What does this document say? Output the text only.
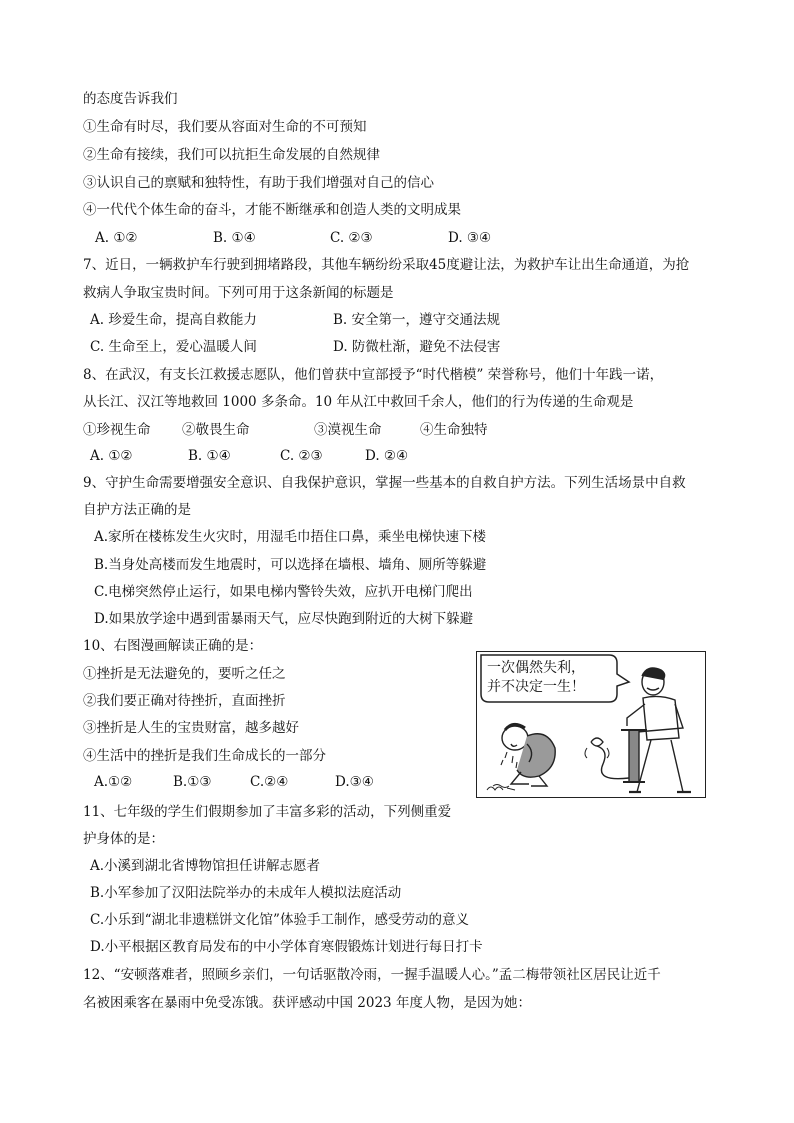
的态度告诉我们
①生命有时尽，我们要从容面对生命的不可预知
②生命有接续，我们可以抗拒生命发展的自然规律
③认识自己的禀赋和独特性，有助于我们增强对自己的信心
④一代代个体生命的奋斗，才能不断继承和创造人类的文明成果
A. ①②	B. ①④	C. ②③	D. ③④
7、近日，一辆救护车行驶到拥堵路段，其他车辆纷纷采取45度避让法，为救护车让出生命通道，为抢
救病人争取宝贵时间。下列可用于这条新闻的标题是
A. 珍爱生命，提高自救能力	B. 安全第一，遵守交通法规
C. 生命至上，爱心温暖人间	D. 防微杜渐，避免不法侵害
8、在武汉，有支长江救援志愿队，他们曾获中宣部授予“时代楷模” 荣誉称号，他们十年践一诺，
从长江、汉江等地救回 1000 多条命。10 年从江中救回千余人，他们的行为传递的生命观是
①珍视生命 ②敬畏生命	③漠视生命	④生命独特
A. ①②	B. ①④	C. ②③	D. ②④
9、守护生命需要增强安全意识、自我保护意识，掌握一些基本的自救自护方法。下列生活场景中自救
自护方法正确的是
A.家所在楼栋发生火灾时，用湿毛巾捂住口鼻，乘坐电梯快速下楼
B.当身处高楼而发生地震时，可以选择在墙根、墙角、厕所等躲避
C.电梯突然停止运行，如果电梯内警铃失效，应扒开电梯门爬出
D.如果放学途中遇到雷暴雨天气，应尽快跑到附近的大树下躲避
10、右图漫画解读正确的是：
①挫折是无法避免的，要听之任之
②我们要正确对待挫折，直面挫折
③挫折是人生的宝贵财富，越多越好
④生活中的挫折是我们生命成长的一部分
A.①②	B.①③	C.②④	D.③④
一次偶然失利，
并不决定一生！
11、七年级的学生们假期参加了丰富多彩的活动，下列侧重爱
护身体的是：
A.小溪到湖北省博物馆担任讲解志愿者
B.小军参加了汉阳法院举办的未成年人模拟法庭活动
C.小乐到“湖北非遗糕饼文化馆”体验手工制作，感受劳动的意义
D.小平根据区教育局发布的中小学体育寒假锻炼计划进行每日打卡
12、“安顿落难者，照顾乡亲们，一句话驱散冷雨，一握手温暖人心。”孟二梅带领社区居民让近千
名被困乘客在暴雨中免受冻饿。获评感动中国 2023 年度人物，是因为她：
